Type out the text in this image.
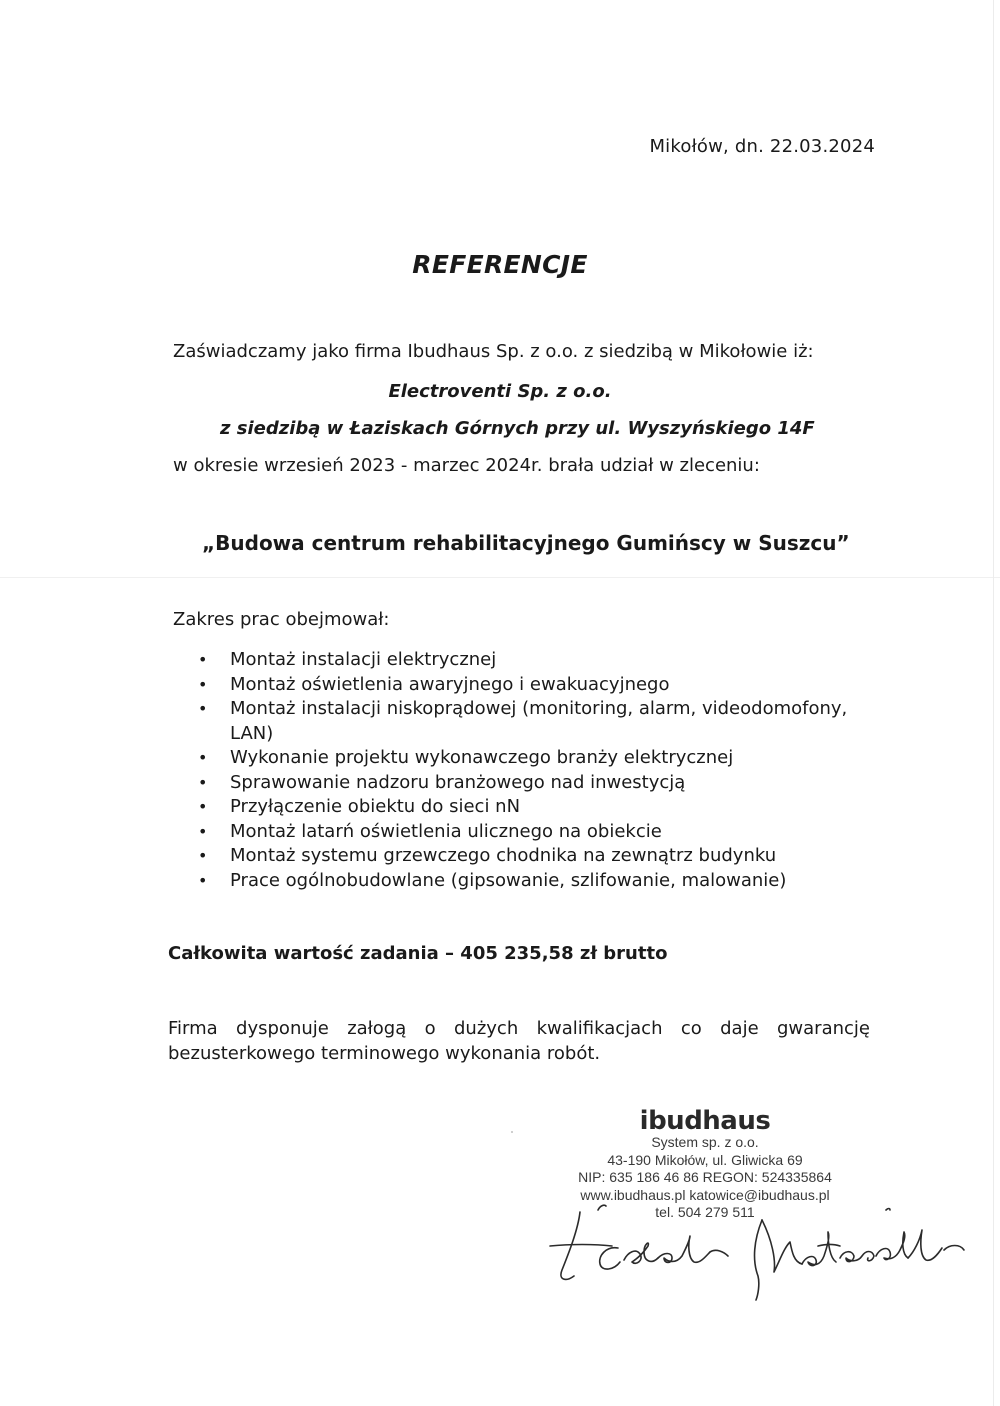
Mikołów, dn. 22.03.2024
REFERENCJE
Zaświadczamy jako firma Ibudhaus Sp. z o.o. z siedzibą w Mikołowie iż:
Electroventi Sp. z o.o.
z siedzibą w Łaziskach Górnych przy ul. Wyszyńskiego 14F
w okresie wrzesień 2023 - marzec 2024r. brała udział w zleceniu:
„Budowa centrum rehabilitacyjnego Gumińscy w Suszcu”
Zakres prac obejmował:
• Montaż instalacji elektrycznej
• Montaż oświetlenia awaryjnego i ewakuacyjnego
• Montaż instalacji niskoprądowej (monitoring, alarm, videodomofony, LAN)
• Wykonanie projektu wykonawczego branży elektrycznej
• Sprawowanie nadzoru branżowego nad inwestycją
• Przyłączenie obiektu do sieci nN
• Montaż latarń oświetlenia ulicznego na obiekcie
• Montaż systemu grzewczego chodnika na zewnątrz budynku
• Prace ogólnobudowlane (gipsowanie, szlifowanie, malowanie)
Całkowita wartość zadania – 405 235,58 zł brutto
Firma dysponuje załogą o dużych kwalifikacjach co daje gwarancję bezusterkowego terminowego wykonania robót.
ibudhaus
System sp. z o.o.
43-190 Mikołów, ul. Gliwicka 69
NIP: 635 186 46 86 REGON: 524335864
www.ibudhaus.pl katowice@ibudhaus.pl
tel. 504 279 511
